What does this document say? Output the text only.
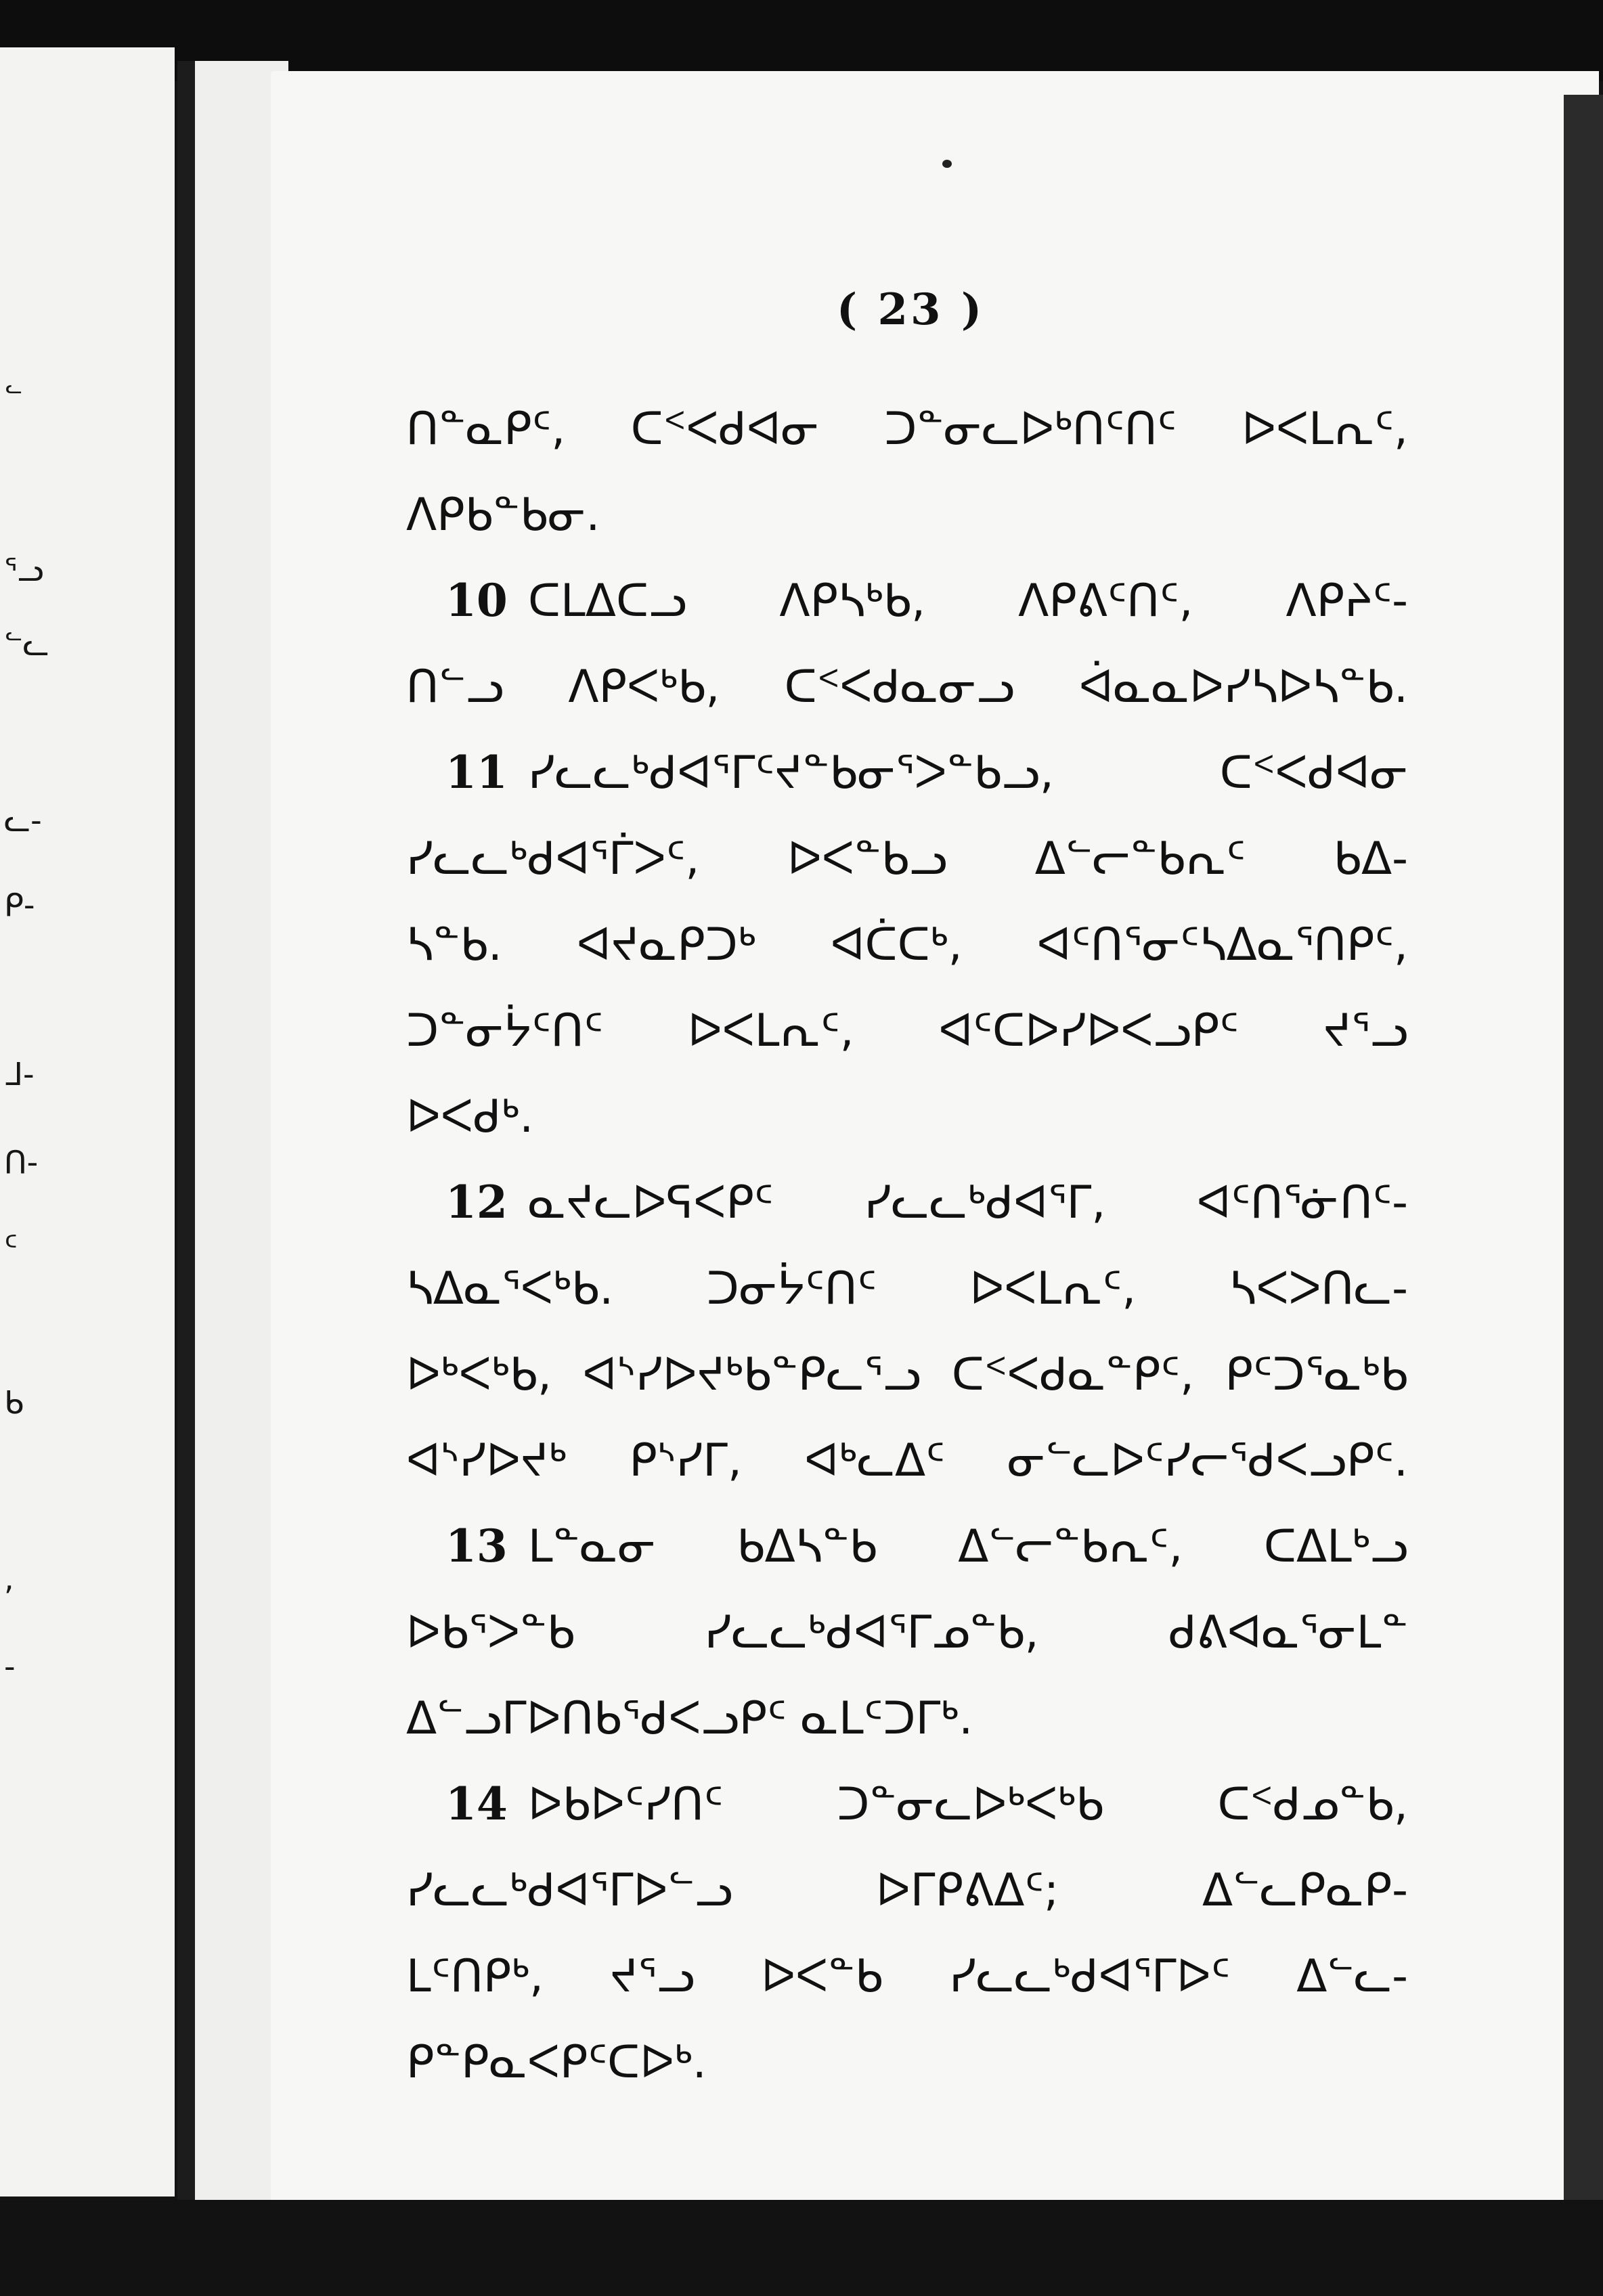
ᓪ
ᕐᓗ
ᓪᓚ
ᓚ-
ᑭ-
ᒧ-
ᑎ-
ᑦ
ᑲ
,
-
( 23 )
ᑎᓐᓇᑭᑦ, ᑕᑉᐸᑯᐊᓂ ᑐᓐᓂᓚᐅᒃᑎᑦᑎᑦ ᐅᐸᒪᕆᑦ,
ᐱᑭᑲᓐᑲᓂ.
10 ᑕᒪᐃᑕᓗ ᐱᑭᓴᒃᑲ, ᐱᑭᕕᑦᑎᑦ, ᐱᑭᔨᑦ-
ᑎᓪᓗ ᐱᑭᐸᒃᑲ, ᑕᑉᐸᑯᓇᓂᓗ ᐋᓇᓇᐅᓯᓴᐅᓴᓐᑲ.
11 ᓯᓚᓚᒃᑯᐊᕐᒥᑦᔪᓐᑲᓂᕐᐳᓐᑲᓗ, ᑕᑉᐸᑯᐊᓂ
ᓯᓚᓚᒃᑯᐊᕐᒦᐳᑦ, ᐅᐸᓐᑲᓗ ᐃᓪᓕᓐᑲᕆᑦ ᑲᐃ-
ᓴᓐᑲ. ᐊᔪᓇᑭᑐᒃ ᐊᑖᑕᒃ, ᐊᑦᑎᕐᓂᑦᓴᐃᓇᕐᑎᑭᑦ,
ᑐᓐᓂᔮᑦᑎᑦ ᐅᐸᒪᕆᑦ, ᐊᑦᑕᐅᓯᐅᐸᓗᑭᑦ ᔪᕐᓗ
ᐅᐸᑯᒃ.
12 ᓇᔪᓚᐅᕋᐸᑭᑦ ᓯᓚᓚᒃᑯᐊᕐᒥ, ᐊᑦᑎᕐᓃᑎᑦ-
ᓴᐃᓇᕐᐸᒃᑲ. ᑐᓂᔮᑦᑎᑦ ᐅᐸᒪᕆᑦ, ᓴᐸᐳᑎᓚ-
ᐅᒃᐸᒃᑲ, ᐊᔅᓯᐅᔪᒃᑲᓐᑭᓚᕐᓗ ᑕᑉᐸᑯᓇᓐᑭᑦ, ᑭᑦᑐᕐᓇᒃᑲ
ᐊᔅᓯᐅᔪᒃ ᑭᔅᓯᒥ, ᐊᒃᓚᐃᑦ ᓂᓪᓚᐅᑦᓯᓕᕐᑯᐸᓗᑭᑦ.
13 ᒪᓐᓇᓂ ᑲᐃᓴᓐᑲ ᐃᓪᓕᓐᑲᕆᑦ, ᑕᐃᒪᒃᓗ
ᐅᑲᕐᐳᓐᑲ ᓯᓚᓚᒃᑯᐊᕐᒥᓄᓐᑲ, ᑯᕕᐊᓇᕐᓂᒪᓐ
ᐃᓪᓗᒥᐅᑎᑲᕐᑯᐸᓗᑭᑦ ᓇᒪᑦᑐᒥᒃ.
14 ᐅᑲᐅᑦᓯᑎᑦ ᑐᓐᓂᓚᐅᒃᐸᒃᑲ ᑕᑉᑯᓄᓐᑲ,
ᓯᓚᓚᒃᑯᐊᕐᒥᐅᓪᓗ ᐅᒥᑭᕕᐃᑦ; ᐃᓪᓚᑭᓇᑭ-
ᒪᑦᑎᑭᒃ, ᔪᕐᓗ ᐅᐸᓐᑲ ᓯᓚᓚᒃᑯᐊᕐᒥᐅᑦ ᐃᓪᓚ-
ᑭᓐᑭᓇᐸᑭᑦᑕᐅᒃ.
